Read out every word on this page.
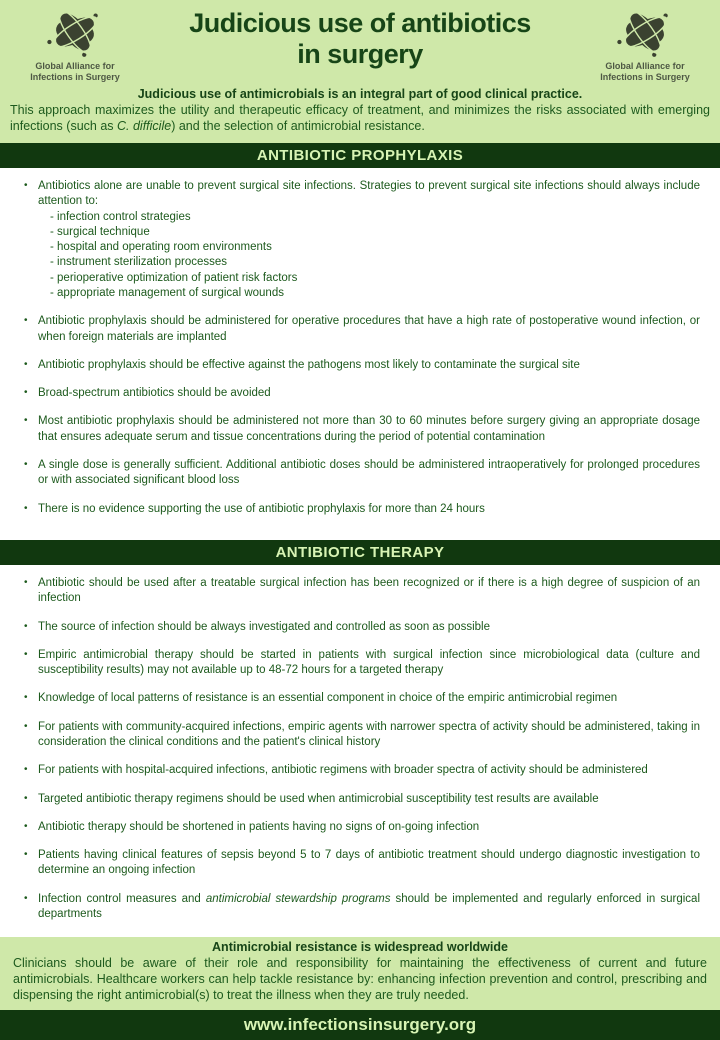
Global Alliance for
Infections in Surgery
Judicious use of antibiotics
in surgery	Global Alliance for
Infections in Surgery
Judicious use of antimicrobials is an integral part of good clinical practice.
This approach maximizes the utility and therapeutic efficacy of treatment, and minimizes the risks associated with emerging infections (such as C. difficile) and the selection of antimicrobial resistance.
ANTIBIOTIC PROPHYLAXIS
• Antibiotics alone are unable to prevent surgical site infections. Strategies to prevent surgical site infections should always include attention to:
- infection control strategies
- surgical technique
- hospital and operating room environments
- instrument sterilization processes
- perioperative optimization of patient risk factors
- appropriate management of surgical wounds
• Antibiotic prophylaxis should be administered for operative procedures that have a high rate of postoperative wound infection, or when foreign materials are implanted
• Antibiotic prophylaxis should be effective against the pathogens most likely to contaminate the surgical site
• Broad-spectrum antibiotics should be avoided
• Most antibiotic prophylaxis should be administered not more than 30 to 60 minutes before surgery giving an appropriate dosage that ensures adequate serum and tissue concentrations during the period of potential contamination
• A single dose is generally sufficient. Additional antibiotic doses should be administered intraoperatively for prolonged procedures or with associated significant blood loss
• There is no evidence supporting the use of antibiotic prophylaxis for more than 24 hours
ANTIBIOTIC THERAPY
• Antibiotic should be used after a treatable surgical infection has been recognized or if there is a high degree of suspicion of an infection
• The source of infection should be always investigated and controlled as soon as possible
• Empiric antimicrobial therapy should be started in patients with surgical infection since microbiological data (culture and susceptibility results) may not available up to 48-72 hours for a targeted therapy
• Knowledge of local patterns of resistance is an essential component in choice of the empiric antimicrobial regimen
• For patients with community-acquired infections, empiric agents with narrower spectra of activity should be administered, taking in consideration the clinical conditions and the patient's clinical history
• For patients with hospital-acquired infections, antibiotic regimens with broader spectra of activity should be administered
• Targeted antibiotic therapy regimens should be used when antimicrobial susceptibility test results are available
• Antibiotic therapy should be shortened in patients having no signs of on-going infection
• Patients having clinical features of sepsis beyond 5 to 7 days of antibiotic treatment should undergo diagnostic investigation to determine an ongoing infection
• Infection control measures and antimicrobial stewardship programs should be implemented and regularly enforced in surgical departments
Antimicrobial resistance is widespread worldwide
Clinicians should be aware of their role and responsibility for maintaining the effectiveness of current and future antimicrobials. Healthcare workers can help tackle resistance by: enhancing infection prevention and control, prescribing and dispensing the right antimicrobial(s) to treat the illness when they are truly needed.
www.infectionsinsurgery.org
